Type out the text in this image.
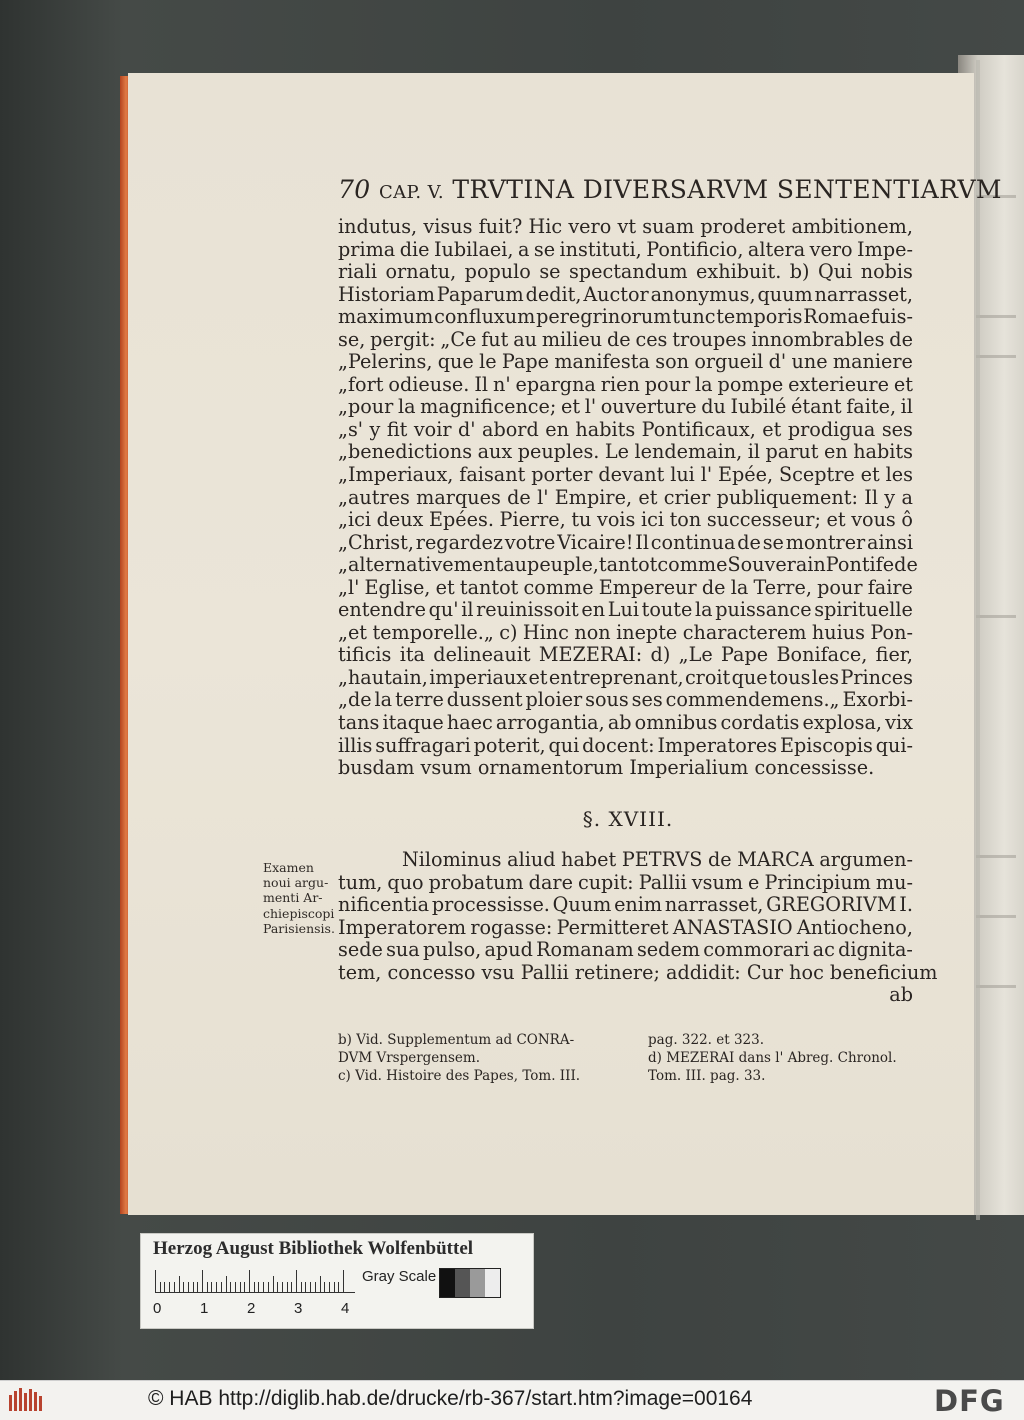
70 CAP. V. TRVTINA DIVERSARVM SENTENTIARVM
indutus, visus fuit? Hic vero vt suam proderet ambitionem,
prima die Iubilaei, a se instituti, Pontificio, altera vero Impe-
riali ornatu, populo se spectandum exhibuit. b) Qui nobis
Historiam Paparum dedit, Auctor anonymus, quum narrasset,
maximum confluxum peregrinorum tunc temporis Romae fuis-
se, pergit: „Ce fut au milieu de ces troupes innombrables de
„Pelerins, que le Pape manifesta son orgueil d' une maniere
„fort odieuse. Il n' epargna rien pour la pompe exterieure et
„pour la magnificence; et l' ouverture du Iubilé étant faite, il
„s' y fit voir d' abord en habits Pontificaux, et prodigua ses
„benedictions aux peuples. Le lendemain, il parut en habits
„Imperiaux, faisant porter devant lui l' Epée, Sceptre et les
„autres marques de l' Empire, et crier publiquement: Il y a
„ici deux Epées. Pierre, tu vois ici ton successeur; et vous ô
„Christ, regardez votre Vicaire! Il continua de se montrer ainsi
„alternativement au peuple, tantot comme Souverain Pontife de
„l' Eglise, et tantot comme Empereur de la Terre, pour faire
entendre qu' il reuinissoit en Lui toute la puissance spirituelle
„et temporelle.„ c) Hinc non inepte characterem huius Pon-
tificis ita delineauit MEZERAI: d) „Le Pape Boniface, fier,
„hautain, imperiaux et entreprenant, croit que tous les Princes
„de la terre dussent ploier sous ses commendemens.„ Exorbi-
tans itaque haec arrogantia, ab omnibus cordatis explosa, vix
illis suffragari poterit, qui docent: Imperatores Episcopis qui-
busdam vsum ornamentorum Imperialium concessisse.
§. XVIII.
Examen noui argu- menti Ar- chiepiscopi Parisiensis.
Nilominus aliud habet PETRVS de MARCA argumen-
tum, quo probatum dare cupit: Pallii vsum e Principium mu-
nificentia processisse. Quum enim narrasset, GREGORIVM I.
Imperatorem rogasse: Permitteret ANASTASIO Antiocheno,
sede sua pulso, apud Romanam sedem commorari ac dignita-
tem, concesso vsu Pallii retinere; addidit: Cur hoc beneficium
ab
b) Vid. Supplementum ad CONRA-
DVM Vrspergensem.
c) Vid. Histoire des Papes, Tom. III.
pag. 322. et 323.
d) MEZERAI dans l' Abreg. Chronol.
Tom. III. pag. 33.
Herzog August Bibliothek Wolfenbüttel
0	1	2	3	4
Gray Scale
© HAB http://diglib.hab.de/drucke/rb-367/start.htm?image=00164	DFG
